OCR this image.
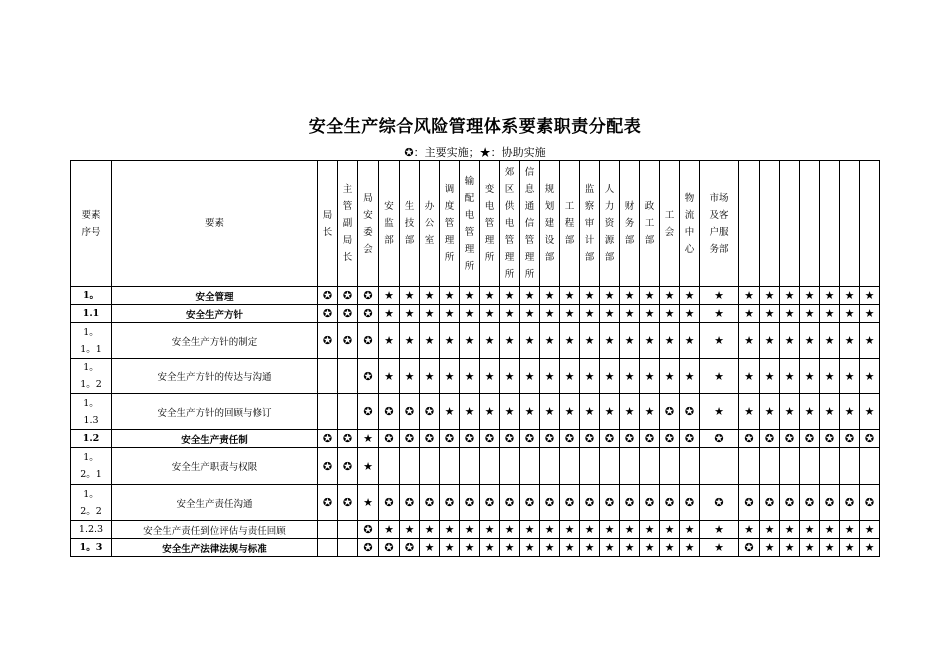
安全生产综合风险管理体系要素职责分配表
✪：主要实施；★：协助实施
要素序号	要素	局长	主管副局长	局安委会	安监部	生技部	办公室	调度管理所	输配电管理所	变电管理所	郊区供电管理所	信息通信管理所	规划建设部	工程部	监察审计部	人力资源部	财务部	政工部	工会	物流中心	市场及客户服务部							
1。	安全管理	✪	✪	✪	★	★	★	★	★	★	★	★	★	★	★	★	★	★	★	★	★	★	★	★	★	★	★	★
1.1	安全生产方针	✪	✪	✪	★	★	★	★	★	★	★	★	★	★	★	★	★	★	★	★	★	★	★	★	★	★	★	★
1。1。1	安全生产方针的制定	✪	✪	✪	★	★	★	★	★	★	★	★	★	★	★	★	★	★	★	★	★	★	★	★	★	★	★	★
1。1。2	安全生产方针的传达与沟通			✪	★	★	★	★	★	★	★	★	★	★	★	★	★	★	★	★	★	★	★	★	★	★	★	★
1。1.3	安全生产方针的回顾与修订			✪	✪	✪	✪	★	★	★	★	★	★	★	★	★	★	★	✪	✪	★	★	★	★	★	★	★	★
1.2	安全生产责任制	✪	✪	★	✪	✪	✪	✪	✪	✪	✪	✪	✪	✪	✪	✪	✪	✪	✪	✪	✪	✪	✪	✪	✪	✪	✪	✪
1。2。1	安全生产职责与权限	✪	✪	★																								
1。2。2	安全生产责任沟通	✪	✪	★	✪	✪	✪	✪	✪	✪	✪	✪	✪	✪	✪	✪	✪	✪	✪	✪	✪	✪	✪	✪	✪	✪	✪	✪
1.2.3	安全生产责任到位评估与责任回顾			✪	★	★	★	★	★	★	★	★	★	★	★	★	★	★	★	★	★	★	★	★	★	★	★	★
1。3	安全生产法律法规与标准			✪	✪	✪	★	★	★	★	★	★	★	★	★	★	★	★	★	★	★	✪	★	★	★	★	★	★
